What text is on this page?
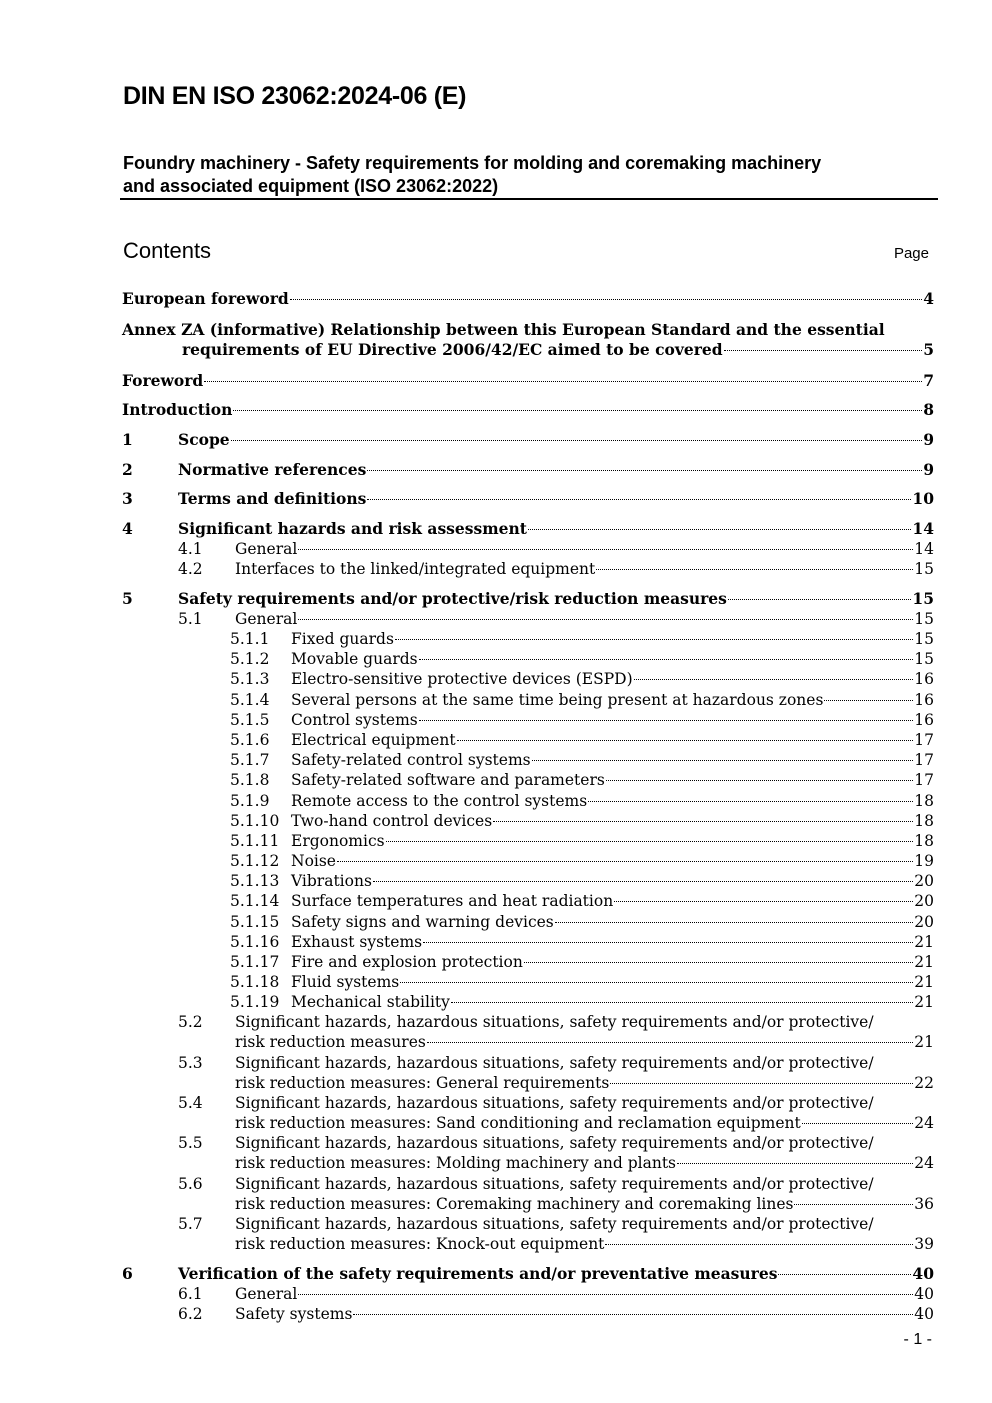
DIN EN ISO 23062:2024-06 (E)
Foundry machinery - Safety requirements for molding and coremaking machinery
and associated equipment (ISO 23062:2022)
Contents	Page
European foreword	4
Annex ZA (informative) Relationship between this European Standard and the essential
requirements of EU Directive 2006/42/EC aimed to be covered	5
Foreword	7
Introduction	8
1	Scope	9
2	Normative references	9
3	Terms and definitions	10
4	Significant hazards and risk assessment	14
4.1 General	14
4.2 Interfaces to the linked/integrated equipment	15
5	Safety requirements and/or protective/risk reduction measures	15
5.1 General	15
5.1.1 Fixed guards	15
5.1.2 Movable guards	15
5.1.3 Electro-sensitive protective devices (ESPD)	16
5.1.4 Several persons at the same time being present at hazardous zones	16
5.1.5 Control systems	16
5.1.6 Electrical equipment	17
5.1.7 Safety-related control systems	17
5.1.8 Safety-related software and parameters	17
5.1.9 Remote access to the control systems	18
5.1.10 Two-hand control devices	18
5.1.11 Ergonomics	18
5.1.12 Noise	19
5.1.13 Vibrations	20
5.1.14 Surface temperatures and heat radiation	20
5.1.15 Safety signs and warning devices	20
5.1.16 Exhaust systems	21
5.1.17 Fire and explosion protection	21
5.1.18 Fluid systems	21
5.1.19 Mechanical stability	21
5.2 Significant hazards, hazardous situations, safety requirements and/or protective/
risk reduction measures	21
5.3 Significant hazards, hazardous situations, safety requirements and/or protective/
risk reduction measures: General requirements	22
5.4 Significant hazards, hazardous situations, safety requirements and/or protective/
risk reduction measures: Sand conditioning and reclamation equipment	24
5.5 Significant hazards, hazardous situations, safety requirements and/or protective/
risk reduction measures: Molding machinery and plants	24
5.6 Significant hazards, hazardous situations, safety requirements and/or protective/
risk reduction measures: Coremaking machinery and coremaking lines	36
5.7 Significant hazards, hazardous situations, safety requirements and/or protective/
risk reduction measures: Knock-out equipment	39
6	Verification of the safety requirements and/or preventative measures	40
6.1 General	40
6.2 Safety systems	40
- 1 -
